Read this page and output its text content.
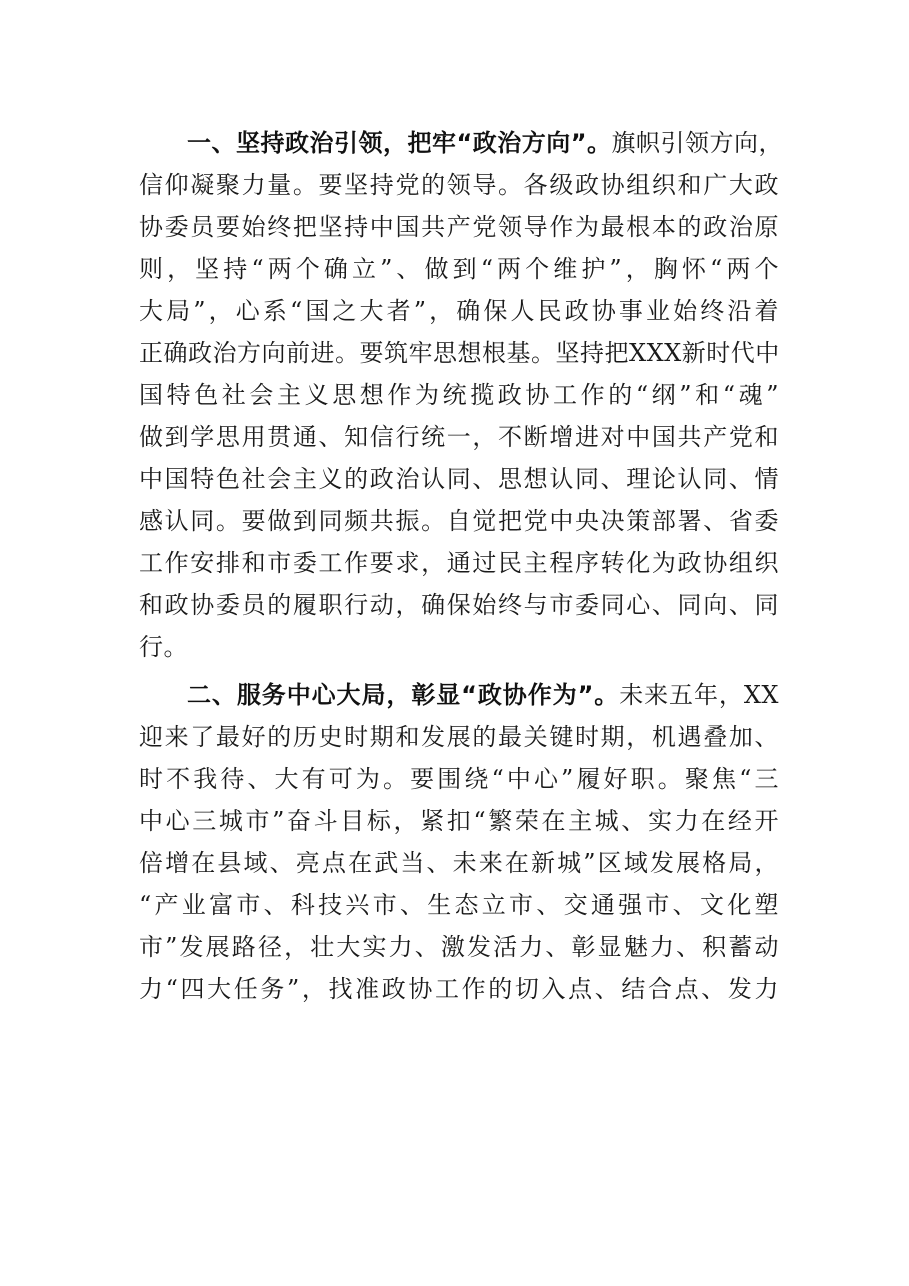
一、坚持政治引领，把牢“政治方向”。旗帜引领方向，
信仰凝聚力量。要坚持党的领导。各级政协组织和广大政
协委员要始终把坚持中国共产党领导作为最根本的政治原
则，坚持“两个确立”、做到“两个维护”，胸怀“两个
大局”，心系“国之大者”，确保人民政协事业始终沿着
正确政治方向前进。要筑牢思想根基。坚持把XXX新时代中
国特色社会主义思想作为统揽政协工作的“纲”和“魂”
做到学思用贯通、知信行统一，不断增进对中国共产党和
中国特色社会主义的政治认同、思想认同、理论认同、情
感认同。要做到同频共振。自觉把党中央决策部署、省委
工作安排和市委工作要求，通过民主程序转化为政协组织
和政协委员的履职行动，确保始终与市委同心、同向、同
行。
二、服务中心大局，彰显“政协作为”。未来五年，XX
迎来了最好的历史时期和发展的最关键时期，机遇叠加、
时不我待、大有可为。要围绕“中心”履好职。聚焦“三
中心三城市”奋斗目标，紧扣“繁荣在主城、实力在经开
倍增在县域、亮点在武当、未来在新城”区域发展格局，
“产业富市、科技兴市、生态立市、交通强市、文化塑
市”发展路径，壮大实力、激发活力、彰显魅力、积蓄动
力“四大任务”，找准政协工作的切入点、结合点、发力
